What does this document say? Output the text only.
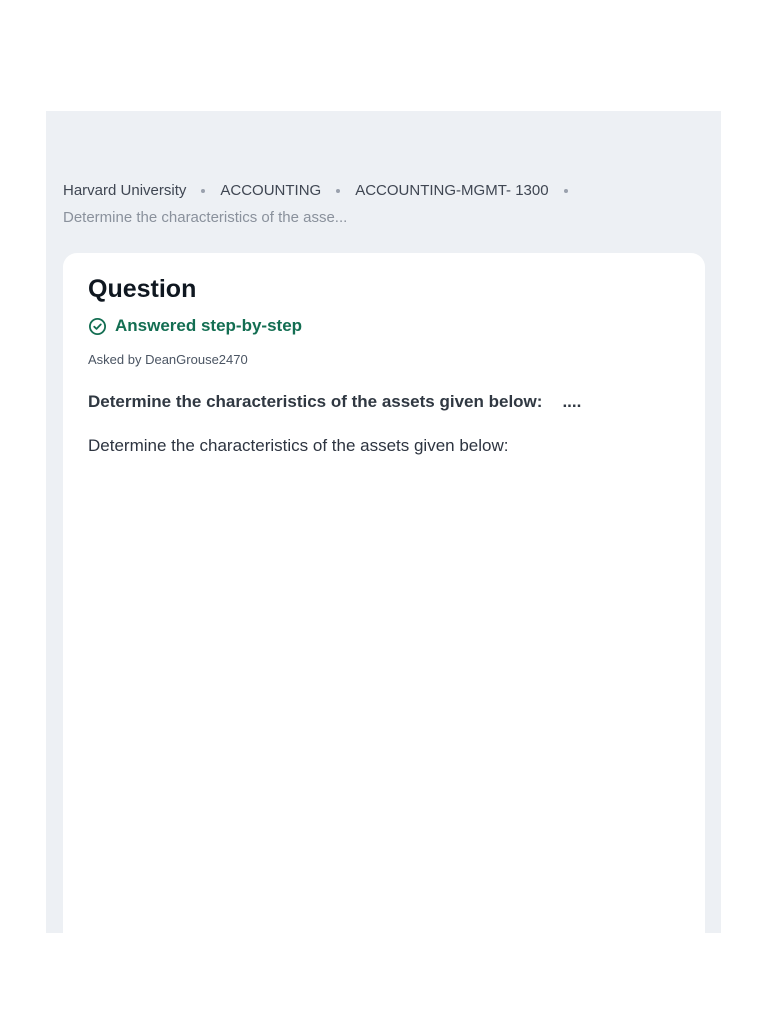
Harvard University ACCOUNTING ACCOUNTING-MGMT- 1300
Determine the characteristics of the asse...
Question
Answered step-by-step
Asked by DeanGrouse2470
Determine the characteristics of the assets given below: ....
Determine the characteristics of the assets given below:
